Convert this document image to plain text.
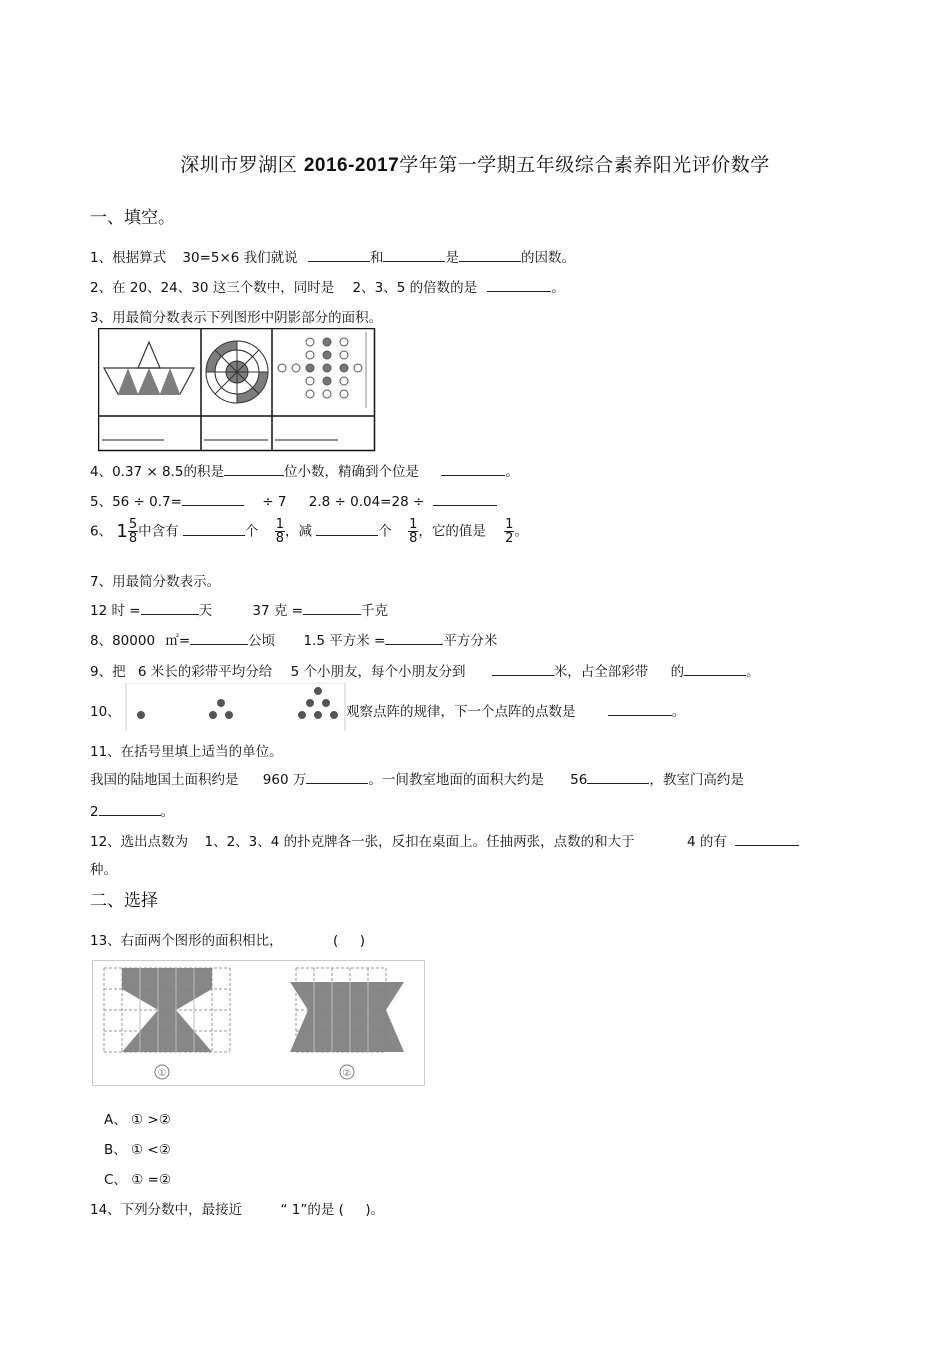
深圳市罗湖区 2016-2017学年第一学期五年级综合素养阳光评价数学
一、填空。
1、根据算式 30=5×6 我们就说	和	是	的因数。
2、在 20、24、30 这三个数中，同时是 2、3、5 的倍数的是	。
3、用最简分数表示下列图形中阴影部分的面积。
4、0.37 × 8.5的积是	位小数，精确到个位是	。
5、56 ÷ 0.7=	÷ 7 2.8 ÷ 0.04=28 ÷
6、 $1 \frac{5}{8}$ 中含有	个 $\frac{1}{8}$ ，减	个 $\frac{1}{8}$ ，它的值是 $\frac{1}{2}$ 。
7、用最简分数表示。
12 时 =	天	37 克 =	千克
8、80000 ㎡=	公顷 1.5 平方米 =	平方分米
9、把 6 米长的彩带平均分给 5 个小朋友，每个小朋友分到	米，占全部彩带 的	。
10、	观察点阵的规律，下一个点阵的点数是	。
11、在括号里填上适当的单位。
我国的陆地国土面积约是 960 万	。一间教室地面的面积大约是 56	，教室门高约是
2	。
12、选出点数为 1、2、3、4 的扑克牌各一张，反扣在桌面上。任抽两张，点数的和大于	4 的有
种。
二、选择
13、右面两个图形的面积相比，	(     )
①	②
A、 ① >②
B、 ① <②
C、 ① =②
14、下列分数中，最接近	“ 1”的是 (     )。
